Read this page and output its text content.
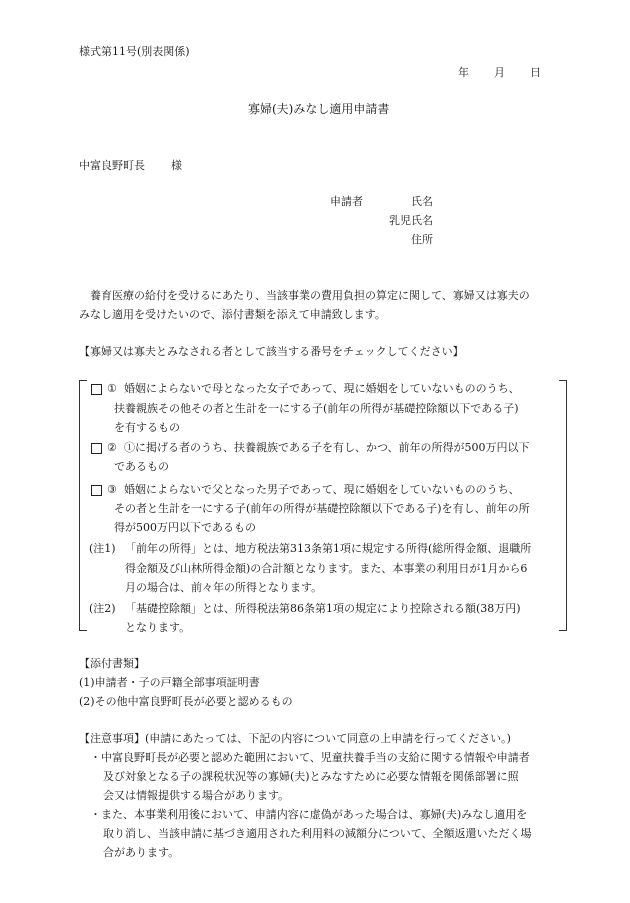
様式第11号(別表関係)
年 月 日
寡婦(夫)みなし適用申請書
中富良野町長 様
申請者	氏名
乳児氏名
住所
養育医療の給付を受けるにあたり、当該事業の費用負担の算定に関して、寡婦又は寡夫の
みなし適用を受けたいので、添付書類を添えて申請致します。
【寡婦又は寡夫とみなされる者として該当する番号をチェックしてください】
① 婚姻によらないで母となった女子であって、現に婚姻をしていないもののうち、
扶養親族その他その者と生計を一にする子(前年の所得が基礎控除額以下である子)
を有するもの
② ①に掲げる者のうち、扶養親族である子を有し、かつ、前年の所得が500万円以下
であるもの
③ 婚姻によらないで父となった男子であって、現に婚姻をしていないもののうち、
その者と生計を一にする子(前年の所得が基礎控除額以下である子)を有し、前年の所
得が500万円以下であるもの
(注1) 「前年の所得」とは、地方税法第313条第1項に規定する所得(総所得金額、退職所
得金額及び山林所得金額)の合計額となります。また、本事業の利用日が1月から6
月の場合は、前々年の所得となります。
(注2) 「基礎控除額」とは、所得税法第86条第1項の規定により控除される額(38万円)
となります。
【添付書類】
(1)申請者・子の戸籍全部事項証明書
(2)その他中富良野町長が必要と認めるもの
【注意事項】(申請にあたっては、下記の内容について同意の上申請を行ってください。)
・中富良野町長が必要と認めた範囲において、児童扶養手当の支給に関する情報や申請者
及び対象となる子の課税状況等の寡婦(夫)とみなすために必要な情報を関係部署に照
会又は情報提供する場合があります。
・また、本事業利用後において、申請内容に虚偽があった場合は、寡婦(夫)みなし適用を
取り消し、当該申請に基づき適用された利用料の減額分について、全額返還いただく場
合があります。
